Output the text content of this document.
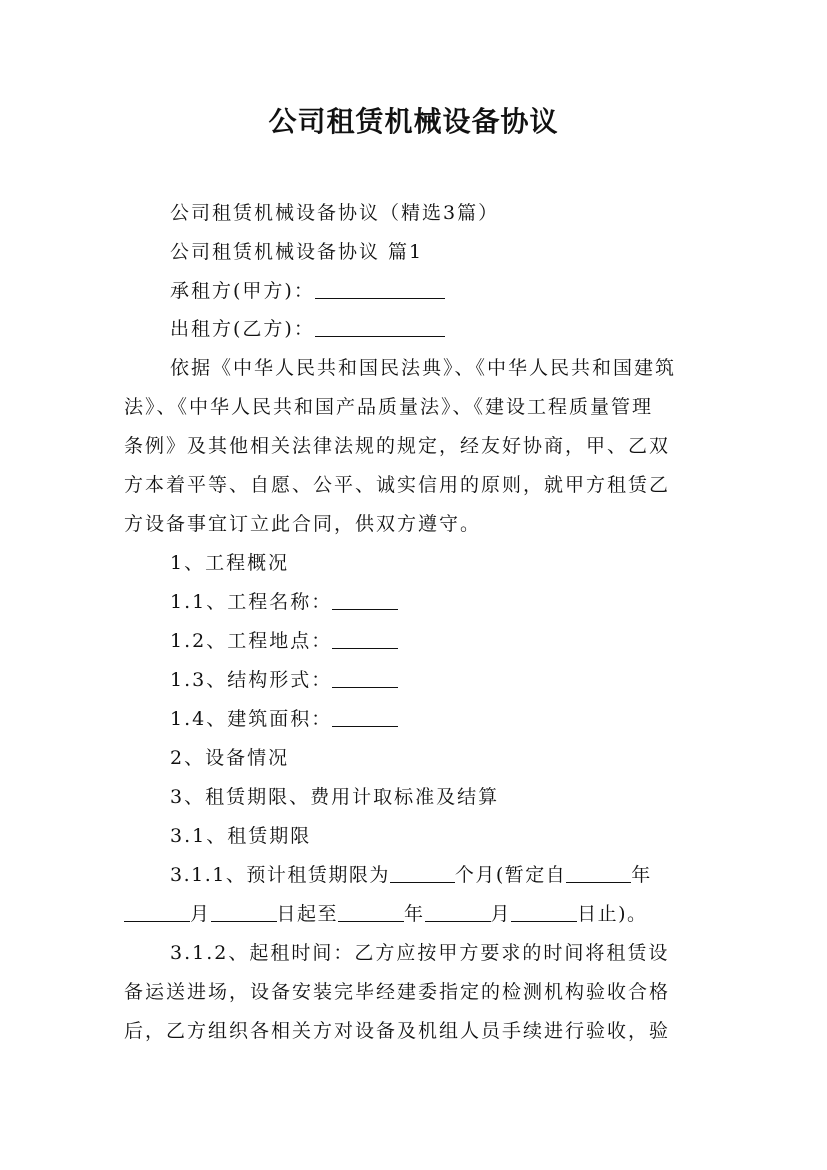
公司租赁机械设备协议
公司租赁机械设备协议（精选3篇）
公司租赁机械设备协议 篇1
承租方(甲方)：
出租方(乙方)：
依据《中华人民共和国民法典》、《中华人民共和国建筑
法》、《中华人民共和国产品质量法》、《建设工程质量管理
条例》及其他相关法律法规的规定，经友好协商，甲、乙双
方本着平等、自愿、公平、诚实信用的原则，就甲方租赁乙
方设备事宜订立此合同，供双方遵守。
1、工程概况
1.1、工程名称：
1.2、工程地点：
1.3、结构形式：
1.4、建筑面积：
2、设备情况
3、租赁期限、费用计取标准及结算
3.1、租赁期限
3.1.1、预计租赁期限为	个月(暂定自	年
月	日起至	年	月	日止)。
3.1.2、起租时间：乙方应按甲方要求的时间将租赁设
备运送进场，设备安装完毕经建委指定的检测机构验收合格
后，乙方组织各相关方对设备及机组人员手续进行验收，验
